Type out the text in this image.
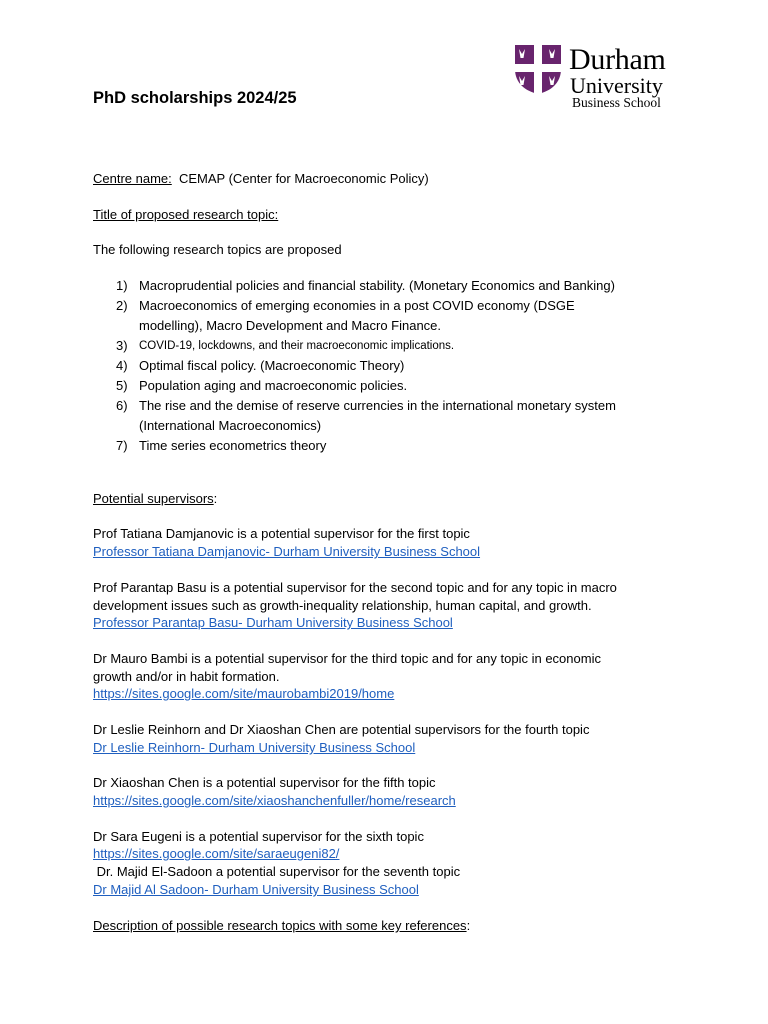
Durham
University
Business School
PhD scholarships 2024/25
Centre name: CEMAP (Center for Macroeconomic Policy)
Title of proposed research topic:
The following research topics are proposed
1) Macroprudential policies and financial stability. (Monetary Economics and Banking)
2) Macroeconomics of emerging economies in a post COVID economy (DSGE
modelling), Macro Development and Macro Finance.
3) COVID-19, lockdowns, and their macroeconomic implications.
4) Optimal fiscal policy. (Macroeconomic Theory)
5) Population aging and macroeconomic policies.
6) The rise and the demise of reserve currencies in the international monetary system
(International Macroeconomics)
7) Time series econometrics theory
Potential supervisors:
Prof Tatiana Damjanovic is a potential supervisor for the first topic
Professor Tatiana Damjanovic- Durham University Business School
Prof Parantap Basu is a potential supervisor for the second topic and for any topic in macro
development issues such as growth-inequality relationship, human capital, and growth.
Professor Parantap Basu- Durham University Business School
Dr Mauro Bambi is a potential supervisor for the third topic and for any topic in economic
growth and/or in habit formation.
https://sites.google.com/site/maurobambi2019/home
Dr Leslie Reinhorn and Dr Xiaoshan Chen are potential supervisors for the fourth topic
Dr Leslie Reinhorn- Durham University Business School
Dr Xiaoshan Chen is a potential supervisor for the fifth topic
https://sites.google.com/site/xiaoshanchenfuller/home/research
Dr Sara Eugeni is a potential supervisor for the sixth topic
https://sites.google.com/site/saraeugeni82/
Dr. Majid El-Sadoon a potential supervisor for the seventh topic
Dr Majid Al Sadoon- Durham University Business School
Description of possible research topics with some key references:
